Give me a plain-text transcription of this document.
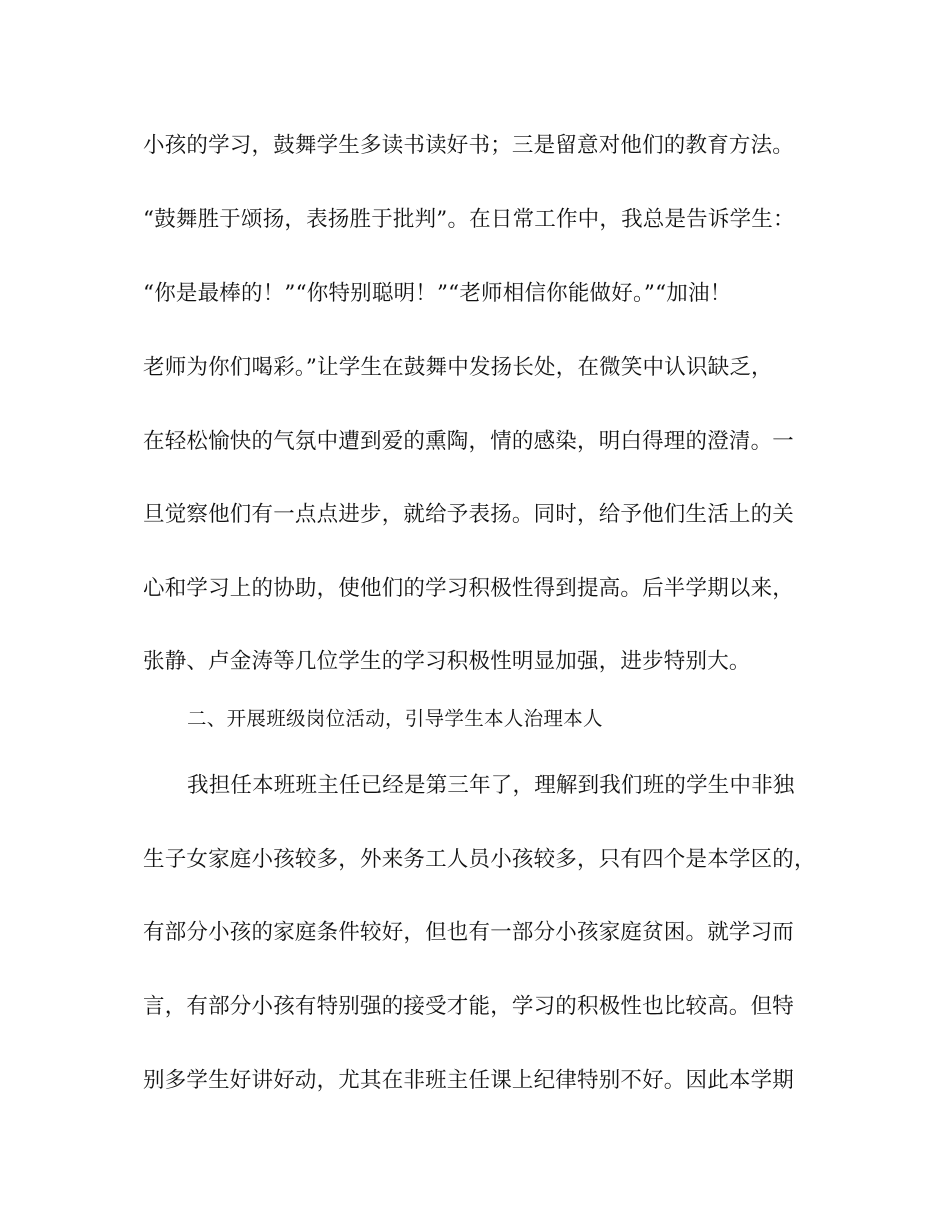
小孩的学习，鼓舞学生多读书读好书；三是留意对他们的教育方法。
“鼓舞胜于颂扬，表扬胜于批判”。在日常工作中，我总是告诉学生：
“你是最棒的！”“你特别聪明！”“老师相信你能做好。”“加油！
老师为你们喝彩。”让学生在鼓舞中发扬长处，在微笑中认识缺乏，
在轻松愉快的气氛中遭到爱的熏陶，情的感染，明白得理的澄清。一
旦觉察他们有一点点进步，就给予表扬。同时，给予他们生活上的关
心和学习上的协助，使他们的学习积极性得到提高。后半学期以来，
张静、卢金涛等几位学生的学习积极性明显加强，进步特别大。
二、开展班级岗位活动，引导学生本人治理本人
我担任本班班主任已经是第三年了，理解到我们班的学生中非独
生子女家庭小孩较多，外来务工人员小孩较多，只有四个是本学区的，
有部分小孩的家庭条件较好，但也有一部分小孩家庭贫困。就学习而
言，有部分小孩有特别强的接受才能，学习的积极性也比较高。但特
别多学生好讲好动，尤其在非班主任课上纪律特别不好。因此本学期
